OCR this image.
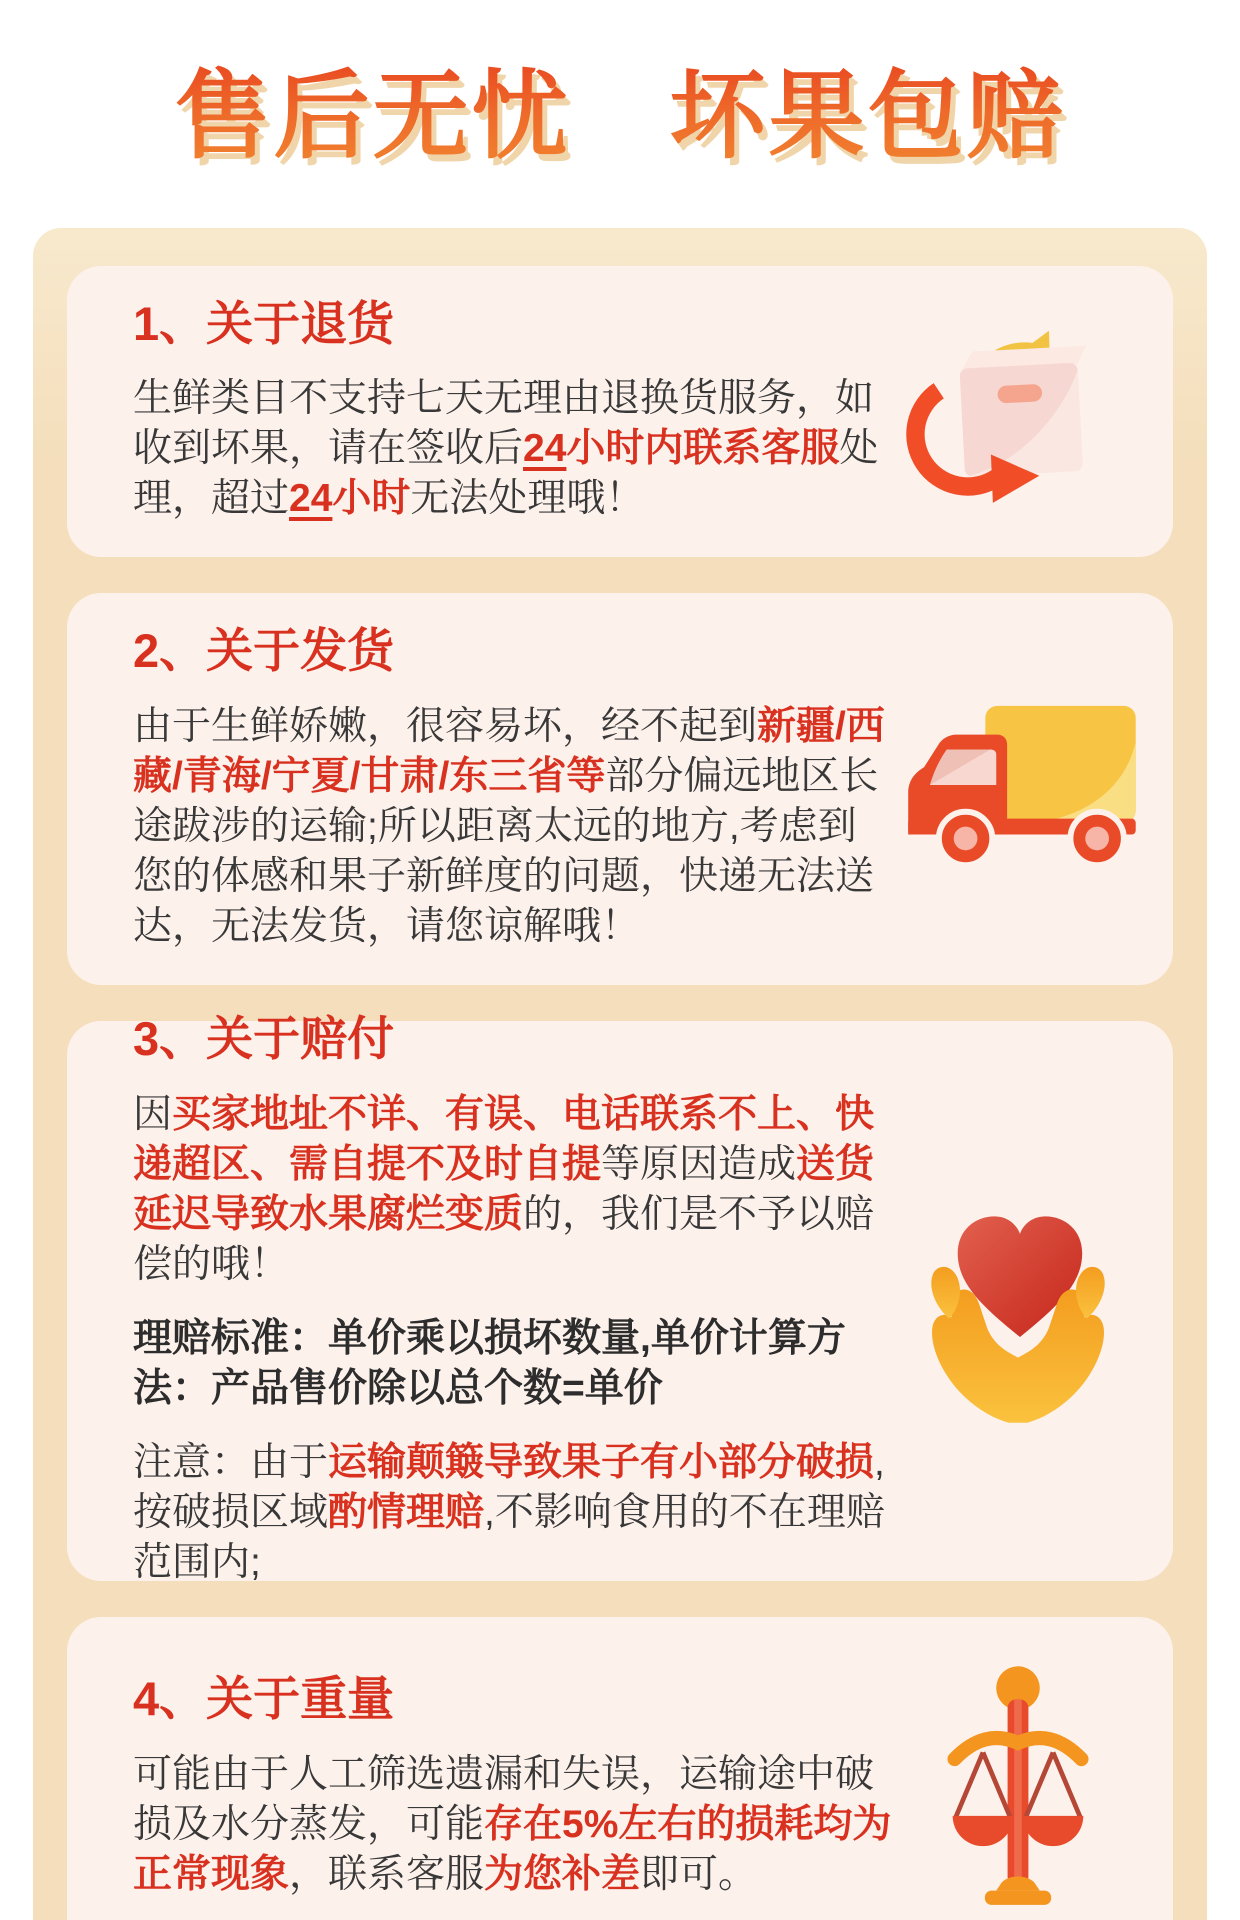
售后无忧　坏果包赔
1、关于退货

生鲜类目不支持七天无理由退换货服务，如收到坏果，请在签收后24小时内联系客服处理，超过24小时无法处理哦！

2、关于发货

由于生鲜娇嫩，很容易坏，经不起到新疆/西藏/青海/宁夏/甘肃/东三省等部分偏远地区长途跋涉的运输;所以距离太远的地方,考虑到您的体感和果子新鲜度的问题，快递无法送达，无法发货，请您谅解哦！

3、关于赔付

因买家地址不详、有误、电话联系不上、快递超区、需自提不及时自提等原因造成送货延迟导致水果腐烂变质的，我们是不予以赔偿的哦！

理赔标准：单价乘以损坏数量,单价计算方法：产品售价除以总个数=单价

注意：由于运输颠簸导致果子有小部分破损,按破损区域酌情理赔,不影响食用的不在理赔范围内;

4、关于重量

可能由于人工筛选遗漏和失误，运输途中破损及水分蒸发，可能存在5%左右的损耗均为正常现象，联系客服为您补差即可。
